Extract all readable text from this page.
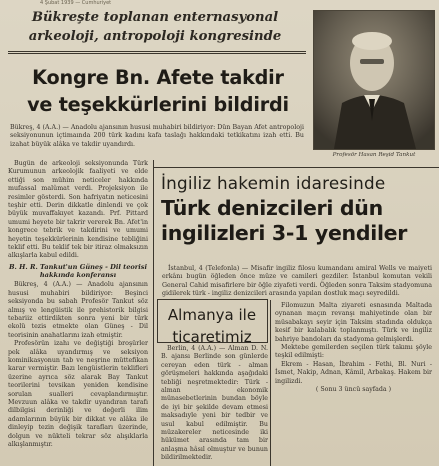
4 Şubat 1939 — Cumhuriyet
Bükreşte toplanan enternasyonal
arkeoloji, antropoloji kongresinde
Kongre Bn. Afete takdir
ve teşekkürlerini bildirdi
Profesör Hasan Reşid Tankut
Bükreş, 4 (A.A.) — Anadolu ajansının hususi muhabiri bildiriyor: Dün Bayan Afet antropoloji seksiyonunun içtimaında 200 türk kadını kafa taslağı hakkındaki tetkikatını izah etti. Bu izahat büyük alâka ve takdir uyandırdı.

Bugün de arkeoloji seksiyonunda Türk Kurumunun arkeolojik faaliyeti ve elde ettiği son mühim neticeler hakkında mufassal malûmat verdi. Projeksiyon ile resimler gösterdi. Son hafriyatın neticesini teşhir etti. Derin dikkatle dinlendi ve çok büyük muvaffakıyet kazandı. Prf. Pittard umumi heyete bir takrir vererek Bn. Afet'in kongrece tebrik ve takdirini ve umumi heyetin teşekkürlerinin kendisine tebliğini teklif etti. Bu teklif tek bir itiraz olmaksızın alkışlarla kabul edildi.

B. H. R. Tankut'un Güneş - Dil teorisi hakkında konferansı

Bükreş, 4 (A.A.) — Anadolu ajansının hususi muhabiri bildiriyor: Beşinci seksiyonda bu sabah Profesör Tankut söz almış ve lengüistik ile prehistorik bilgisi tebariiz ettirdikten sonra yeni bir türk ekolü tezis etmekte olan Güneş - Dil teorisinin anahatlarını izah etmiştir.

Profesörün izahı ve değiştiği broşürler pek alâka uyandırmış ve seksiyon kominikasyonun tab ve neşrine müttefikan karar vermiştir. Bazı lengüistlerin teklifleri üzerine ayrıca söz alarak Bay Tankut teorilerini tevsikan yeniden kendisine sorulan sualleri cevaplandırmıştır. Mevzuun alâka ve takdir uyandıran tarafı dilbilgisi derinliği ve değerli ilim adamlarının büyük bir dikkat ve alâka ile dinleyip tezin değişik tarafları üzerinde, dolgun ve nükteli tekrar söz alışıklarla alkışlanmıştır.

İngiliz hakemin idaresinde
Türk denizcileri dün
ingilizleri 3-1 yendiler

İstanbul, 4 (Telefonla) — Misafir ingiliz filosu kumandanı amiral Wells ve maiyeti erkânı bugün öğleden önce müze ve camileri gezdiler. İstanbul komutan vekili General Cahid misafirlere bir öğle ziyafeti verdi. Öğleden sonra Taksim stadyomuna gidilerek türk - ingiliz denizcileri arasında yapılan dostluk maçı seyredildi.

Almanya ile
ticaretimiz

Berlin, 4 (A.A.) — Alman D. N. B. ajansı Berlinde son günlerde cereyan eden türk - alman görüşmeleri hakkında aşağıdaki tebliği neşretmektedir: Türk - alman ekonomik münasebetlerinin bundan böyle de iyi bir şekilde devam etmesi maksadıyle yeni bir tedbir ve usul kabul edilmiştir. Bu müzakereler neticesinde iki hükümet arasında tam bir anlaşma hâsıl olmuştur ve bunun bildirilmektedir.

Filomuzun Malta ziyareti esnasında Maltada oynanan maçın revanşı mahiyetinde olan bir müsabakayı seyir için Taksim stadında oldukça kesif bir kalabalık toplanmıştı. Türk ve ingiliz bahriye bandoları da stadyoma gelmişlerdi.

Mektebe gemilerden seçilen türk takımı şöyle teşkil edilmişti:

Ekrem - Hasan, İbrahim - Fethi, Bl. Nuri - İsmet, Nakip, Adnan, Kâmil, Arbakaş. Hakem bir ingilizdi.

( Sonu 3 üncü sayfada )
